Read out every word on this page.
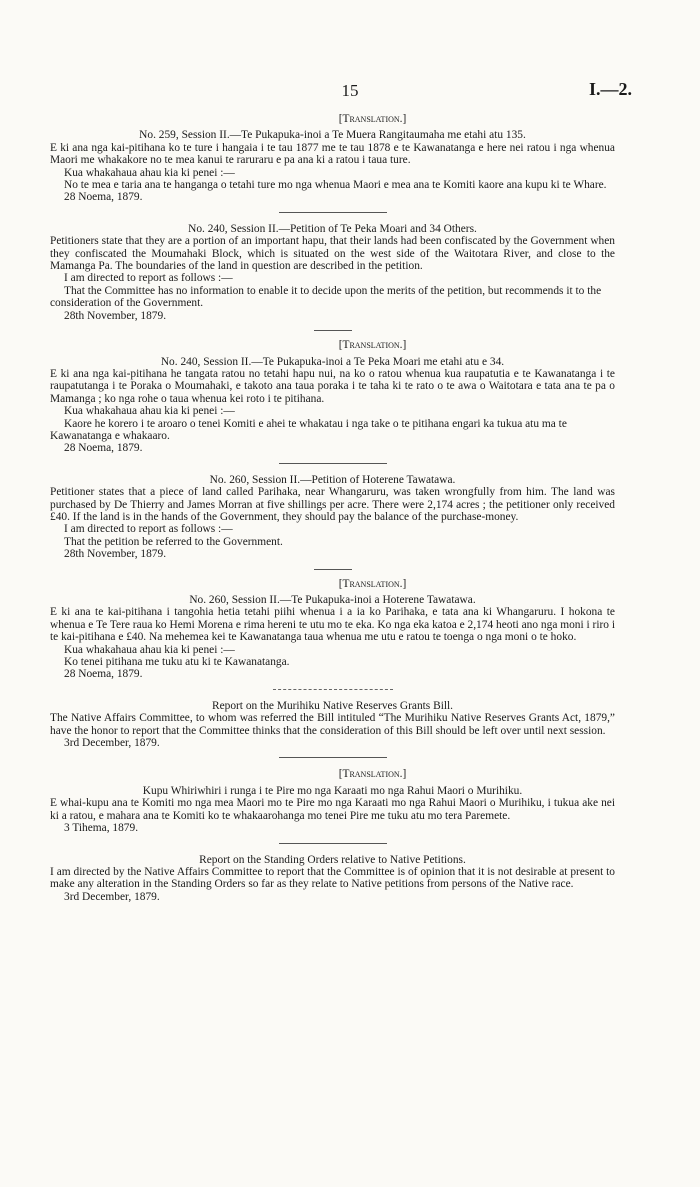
15	I.—2.
[Translation.]
No. 259, Session II.—Te Pukapuka-inoi a Te Muera Rangitaumaha me etahi atu 135.

E ki ana nga kai-pitihana ko te ture i hangaia i te tau 1877 me te tau 1878 e te Kawanatanga e here nei ratou i nga whenua Maori me whakakore no te mea kanui te raruraru e pa ana ki a ratou i taua ture.

Kua whakahaua ahau kia ki penei :—

No te mea e taria ana te hanganga o tetahi ture mo nga whenua Maori e mea ana te Komiti kaore ana kupu ki te Whare.

28 Noema, 1879.

No. 240, Session II.—Petition of Te Peka Moari and 34 Others.

Petitioners state that they are a portion of an important hapu, that their lands had been confiscated by the Government when they confiscated the Moumahaki Block, which is situated on the west side of the Waitotara River, and close to the Mamanga Pa. The boundaries of the land in question are described in the petition.

I am directed to report as follows :—

That the Committee has no information to enable it to decide upon the merits of the petition, but recommends it to the consideration of the Government.

28th November, 1879.

[Translation.]
No. 240, Session II.—Te Pukapuka-inoi a Te Peka Moari me etahi atu e 34.

E ki ana nga kai-pitihana he tangata ratou no tetahi hapu nui, na ko o ratou whenua kua raupatutia e te Kawanatanga i te raupatutanga i te Poraka o Moumahaki, e takoto ana taua poraka i te taha ki te rato o te awa o Waitotara e tata ana te pa o Mamanga ; ko nga rohe o taua whenua kei roto i te pitihana.

Kua whakahaua ahau kia ki penei :—

Kaore he korero i te aroaro o tenei Komiti e ahei te whakatau i nga take o te pitihana engari ka tukua atu ma te Kawanatanga e whakaaro.

28 Noema, 1879.

No. 260, Session II.—Petition of Hoterene Tawatawa.

Petitioner states that a piece of land called Parihaka, near Whangaruru, was taken wrongfully from him. The land was purchased by De Thierry and James Morran at five shillings per acre. There were 2,174 acres ; the petitioner only received £40. If the land is in the hands of the Government, they should pay the balance of the purchase-money.

I am directed to report as follows :—

That the petition be referred to the Government.

28th November, 1879.

[Translation.]
No. 260, Session II.—Te Pukapuka-inoi a Hoterene Tawatawa.

E ki ana te kai-pitihana i tangohia hetia tetahi piihi whenua i a ia ko Parihaka, e tata ana ki Whangaruru. I hokona te whenua e Te Tere raua ko Hemi Morena e rima hereni te utu mo te eka. Ko nga eka katoa e 2,174 heoti ano nga moni i riro i te kai-pitihana e £40. Na mehemea kei te Kawanatanga taua whenua me utu e ratou te toenga o nga moni o te hoko.

Kua whakahaua ahau kia ki penei :—

Ko tenei pitihana me tuku atu ki te Kawanatanga.

28 Noema, 1879.

Report on the Murihiku Native Reserves Grants Bill.

The Native Affairs Committee, to whom was referred the Bill intituled “The Murihiku Native Reserves Grants Act, 1879,” have the honor to report that the Committee thinks that the consideration of this Bill should be left over until next session.

3rd December, 1879.

[Translation.]
Kupu Whiriwhiri i runga i te Pire mo nga Karaati mo nga Rahui Maori o Murihiku.

E whai-kupu ana te Komiti mo nga mea Maori mo te Pire mo nga Karaati mo nga Rahui Maori o Murihiku, i tukua ake nei ki a ratou, e mahara ana te Komiti ko te whakaarohanga mo tenei Pire me tuku atu mo tera Paremete.

3 Tihema, 1879.

Report on the Standing Orders relative to Native Petitions.

I am directed by the Native Affairs Committee to report that the Committee is of opinion that it is not desirable at present to make any alteration in the Standing Orders so far as they relate to Native petitions from persons of the Native race.

3rd December, 1879.
